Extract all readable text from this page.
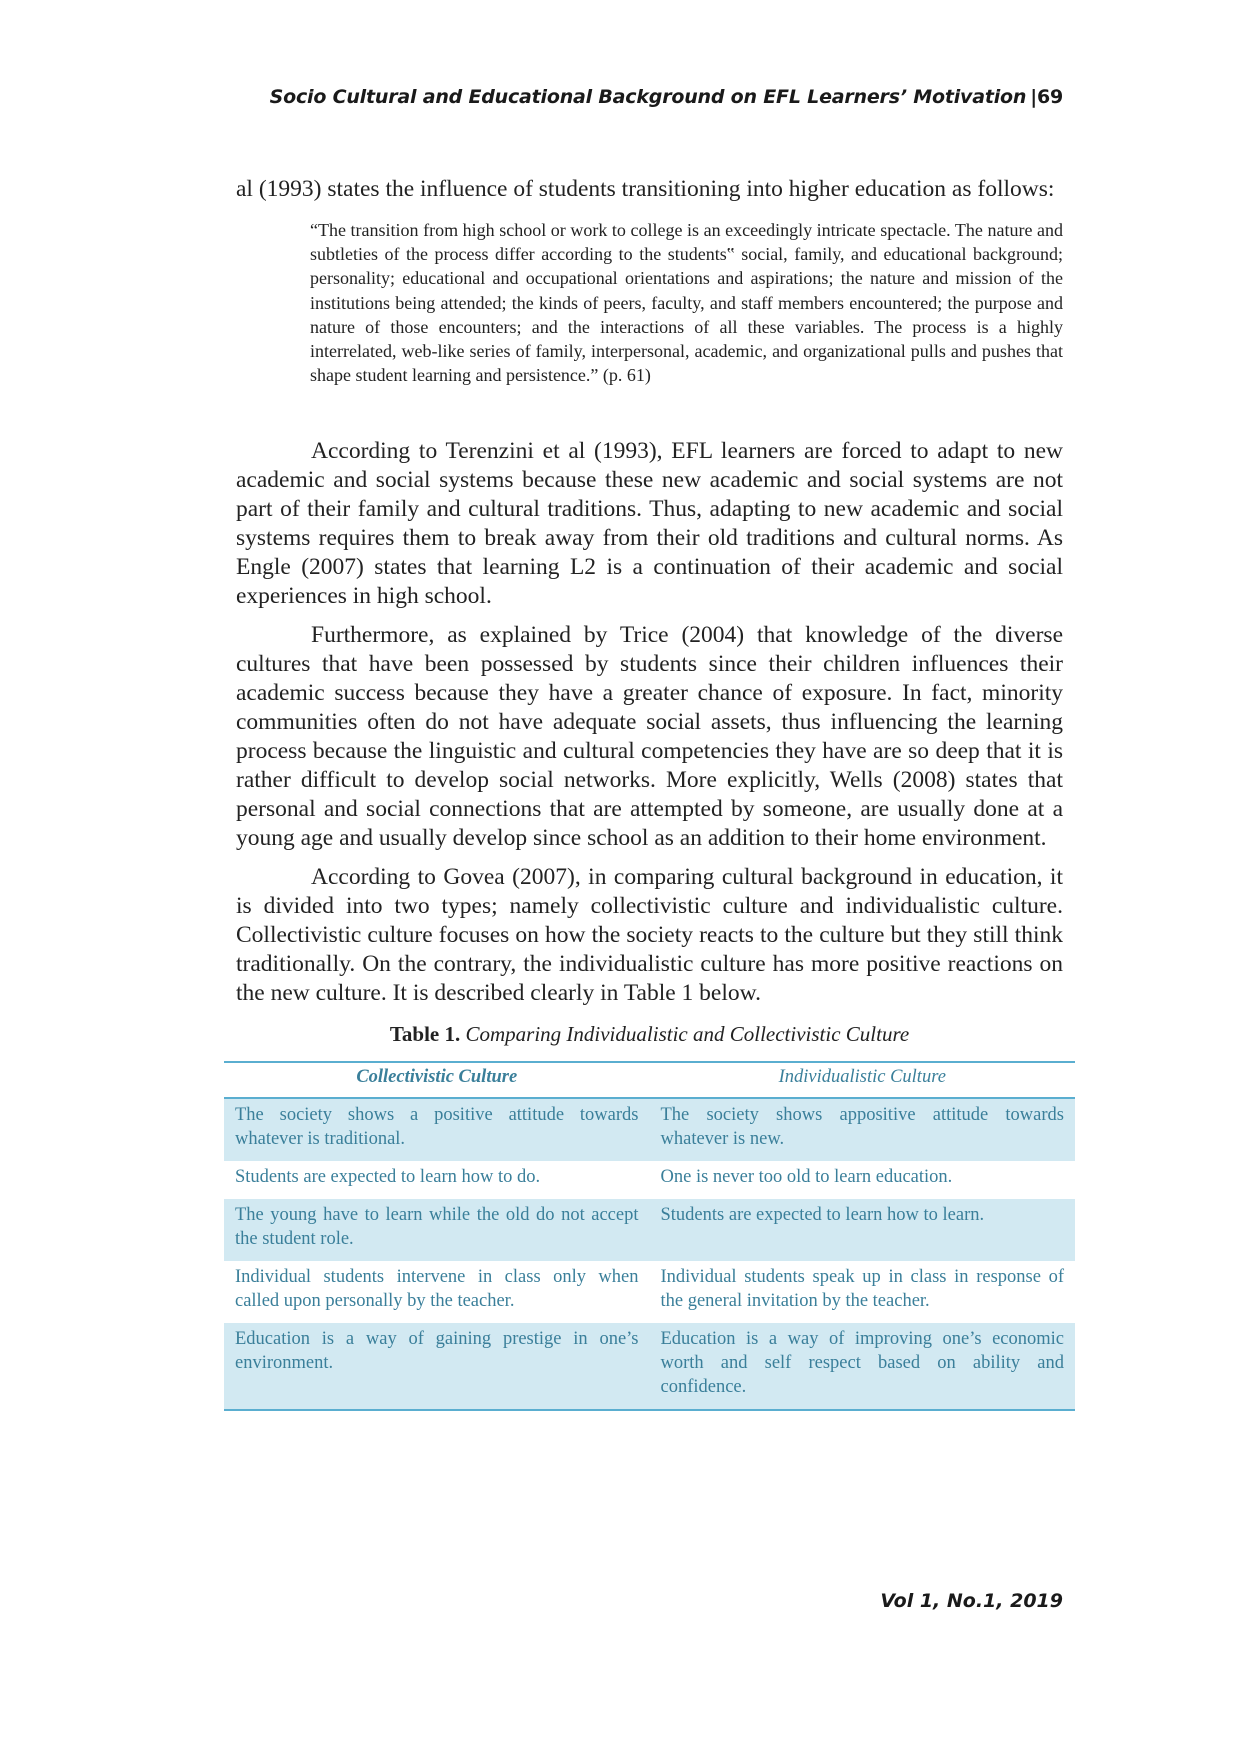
Socio Cultural and Educational Background on EFL Learners’ Motivation |69

al (1993) states the influence of students transitioning into higher education as follows:

“The transition from high school or work to college is an exceedingly intricate spectacle. The nature and subtleties of the process differ according to the students‟ social, family, and educational background; personality; educational and occupational orientations and aspirations; the nature and mission of the institutions being attended; the kinds of peers, faculty, and staff members encountered; the purpose and nature of those encounters; and the interactions of all these variables. The process is a highly interrelated, web-like series of family, interpersonal, academic, and organizational pulls and pushes that shape student learning and persistence.” (p. 61)

According to Terenzini et al (1993), EFL learners are forced to adapt to new academic and social systems because these new academic and social systems are not part of their family and cultural traditions. Thus, adapting to new academic and social systems requires them to break away from their old traditions and cultural norms. As Engle (2007) states that learning L2 is a continuation of their academic and social experiences in high school.

Furthermore, as explained by Trice (2004) that knowledge of the diverse cultures that have been possessed by students since their children influences their academic success because they have a greater chance of exposure. In fact, minority communities often do not have adequate social assets, thus influencing the learning process because the linguistic and cultural competencies they have are so deep that it is rather difficult to develop social networks. More explicitly, Wells (2008) states that personal and social connections that are attempted by someone, are usually done at a young age and usually develop since school as an addition to their home environment.

According to Govea (2007), in comparing cultural background in education, it is divided into two types; namely collectivistic culture and individualistic culture. Collectivistic culture focuses on how the society reacts to the culture but they still think traditionally. On the contrary, the individualistic culture has more positive reactions on the new culture. It is described clearly in Table 1 below.

Table 1. Comparing Individualistic and Collectivistic Culture
Collectivistic Culture	Individualistic Culture
The society shows a positive attitude towards whatever is traditional.	The society shows appositive attitude towards whatever is new.
Students are expected to learn how to do.	One is never too old to learn education.
The young have to learn while the old do not accept the student role.	Students are expected to learn how to learn.
Individual students intervene in class only when called upon personally by the teacher.	Individual students speak up in class in response of the general invitation by the teacher.
Education is a way of gaining prestige in one’s environment.	Education is a way of improving one’s economic worth and self respect based on ability and confidence.
Vol 1, No.1, 2019
